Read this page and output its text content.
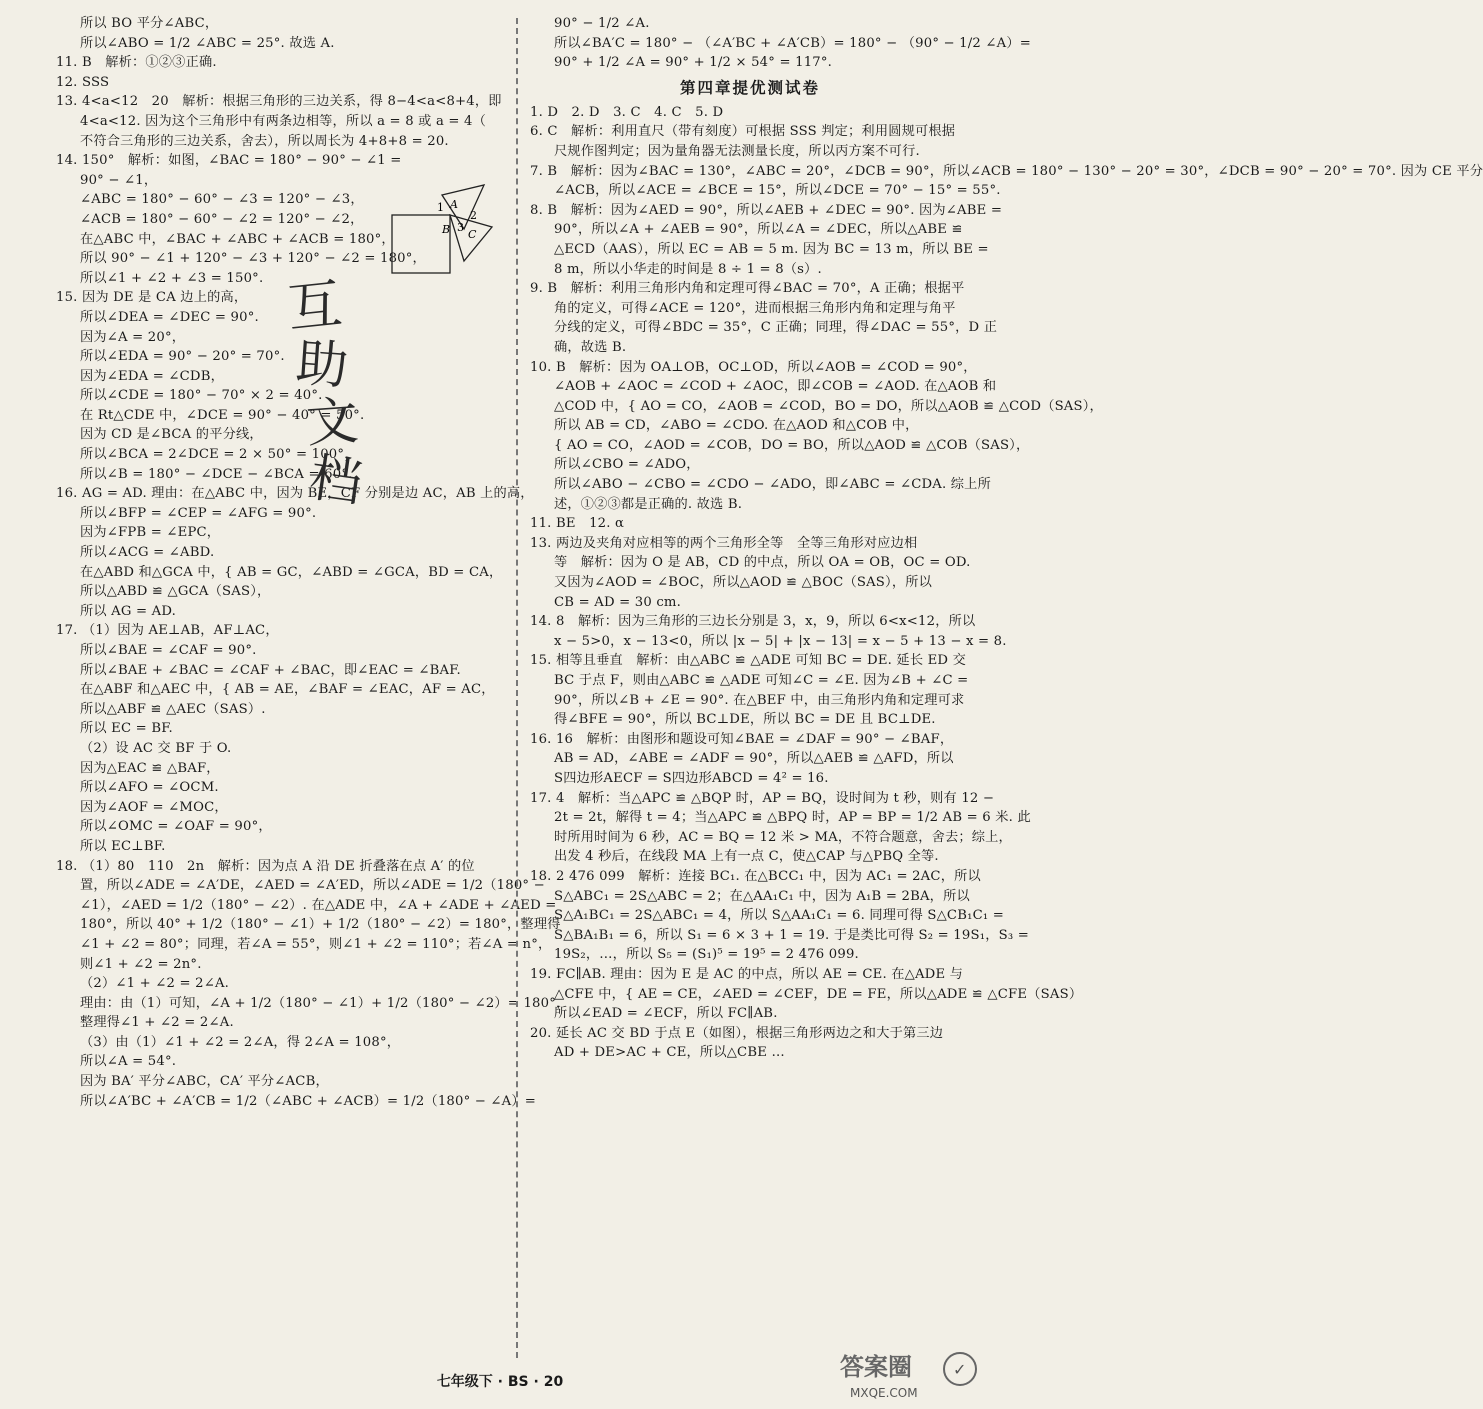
所以 BO 平分∠ABC，
所以∠ABO = 1/2 ∠ABC = 25°. 故选 A.
11. B　解析：①②③正确.
12. SSS
13. 4<a<12　20　解析：根据三角形的三边关系，得 8−4<a<8+4，即
4<a<12. 因为这个三角形中有两条边相等，所以 a = 8 或 a = 4（
不符合三角形的三边关系，舍去），所以周长为 4+8+8 = 20.
14. 150°　解析：如图，∠BAC = 180° − 90° − ∠1 =
90° − ∠1，
∠ABC = 180° − 60° − ∠3 = 120° − ∠3，
∠ACB = 180° − 60° − ∠2 = 120° − ∠2，
在△ABC 中，∠BAC + ∠ABC + ∠ACB = 180°，
所以 90° − ∠1 + 120° − ∠3 + 120° − ∠2 = 180°，
所以∠1 + ∠2 + ∠3 = 150°.
15. 因为 DE 是 CA 边上的高，
所以∠DEA = ∠DEC = 90°.
因为∠A = 20°，
所以∠EDA = 90° − 20° = 70°.
因为∠EDA = ∠CDB，
所以∠CDE = 180° − 70° × 2 = 40°.
在 Rt△CDE 中，∠DCE = 90° − 40° = 50°.
因为 CD 是∠BCA 的平分线，
所以∠BCA = 2∠DCE = 2 × 50° = 100°，
所以∠B = 180° − ∠DCE − ∠BCA = 60°.
16. AG = AD. 理由：在△ABC 中，因为 BE，CF 分别是边 AC，AB 上的高，
所以∠BFP = ∠CEP = ∠AFG = 90°.
因为∠FPB = ∠EPC，
所以∠ACG = ∠ABD.
在△ABD 和△GCA 中，{ AB = GC，∠ABD = ∠GCA，BD = CA，
所以△ABD ≌ △GCA（SAS），
所以 AG = AD.
17. （1）因为 AE⊥AB，AF⊥AC，
所以∠BAE = ∠CAF = 90°.
所以∠BAE + ∠BAC = ∠CAF + ∠BAC，即∠EAC = ∠BAF.
在△ABF 和△AEC 中，{ AB = AE，∠BAF = ∠EAC，AF = AC，
所以△ABF ≌ △AEC（SAS）.
所以 EC = BF.
（2）设 AC 交 BF 于 O.
因为△EAC ≌ △BAF，
所以∠AFO = ∠OCM.
因为∠AOF = ∠MOC，
所以∠OMC = ∠OAF = 90°，
所以 EC⊥BF.
18. （1）80　110　2n　解析：因为点 A 沿 DE 折叠落在点 A′ 的位
置，所以∠ADE = ∠A′DE，∠AED = ∠A′ED，所以∠ADE = 1/2（180° −
∠1），∠AED = 1/2（180° − ∠2）. 在△ADE 中，∠A + ∠ADE + ∠AED =
180°，所以 40° + 1/2（180° − ∠1）+ 1/2（180° − ∠2）= 180°，整理得
∠1 + ∠2 = 80°；同理，若∠A = 55°，则∠1 + ∠2 = 110°；若∠A = n°，
则∠1 + ∠2 = 2n°.
（2）∠1 + ∠2 = 2∠A.
理由：由（1）可知，∠A + 1/2（180° − ∠1）+ 1/2（180° − ∠2）= 180°，
整理得∠1 + ∠2 = 2∠A.
（3）由（1）∠1 + ∠2 = 2∠A，得 2∠A = 108°，
所以∠A = 54°.
因为 BA′ 平分∠ABC，CA′ 平分∠ACB，
所以∠A′BC + ∠A′CB = 1/2（∠ABC + ∠ACB）= 1/2（180° − ∠A）=
90° − 1/2 ∠A.
所以∠BA′C = 180° − （∠A′BC + ∠A′CB）= 180° − （90° − 1/2 ∠A）=
90° + 1/2 ∠A = 90° + 1/2 × 54° = 117°.
第四章提优测试卷
1. D　2. D　3. C　4. C　5. D
6. C　解析：利用直尺（带有刻度）可根据 SSS 判定；利用圆规可根据
尺规作图判定；因为量角器无法测量长度，所以丙方案不可行.
7. B　解析：因为∠BAC = 130°，∠ABC = 20°，∠DCB = 90°，所以∠ACB = 180° − 130° − 20° = 30°，∠DCB = 90° − 20° = 70°. 因为 CE 平分
∠ACB，所以∠ACE = ∠BCE = 15°，所以∠DCE = 70° − 15° = 55°.
8. B　解析：因为∠AED = 90°，所以∠AEB + ∠DEC = 90°. 因为∠ABE =
90°，所以∠A + ∠AEB = 90°，所以∠A = ∠DEC，所以△ABE ≌
△ECD（AAS），所以 EC = AB = 5 m. 因为 BC = 13 m，所以 BE =
8 m，所以小华走的时间是 8 ÷ 1 = 8（s）.
9. B　解析：利用三角形内角和定理可得∠BAC = 70°，A 正确；根据平
角的定义，可得∠ACE = 120°，进而根据三角形内角和定理与角平
分线的定义，可得∠BDC = 35°，C 正确；同理，得∠DAC = 55°，D 正
确，故选 B.
10. B　解析：因为 OA⊥OB，OC⊥OD，所以∠AOB = ∠COD = 90°，
∠AOB + ∠AOC = ∠COD + ∠AOC，即∠COB = ∠AOD. 在△AOB 和
△COD 中，{ AO = CO，∠AOB = ∠COD，BO = DO，所以△AOB ≌ △COD（SAS），
所以 AB = CD，∠ABO = ∠CDO. 在△AOD 和△COB 中，
{ AO = CO，∠AOD = ∠COB，DO = BO，所以△AOD ≌ △COB（SAS），
所以∠CBO = ∠ADO，
所以∠ABO − ∠CBO = ∠CDO − ∠ADO，即∠ABC = ∠CDA. 综上所
述，①②③都是正确的. 故选 B.
11. BE　12. α
13. 两边及夹角对应相等的两个三角形全等　全等三角形对应边相
等　解析：因为 O 是 AB，CD 的中点，所以 OA = OB，OC = OD.
又因为∠AOD = ∠BOC，所以△AOD ≌ △BOC（SAS），所以
CB = AD = 30 cm.
14. 8　解析：因为三角形的三边长分别是 3，x，9，所以 6<x<12，所以
x − 5>0，x − 13<0，所以 |x − 5| + |x − 13| = x − 5 + 13 − x = 8.
15. 相等且垂直　解析：由△ABC ≌ △ADE 可知 BC = DE. 延长 ED 交
BC 于点 F，则由△ABC ≌ △ADE 可知∠C = ∠E. 因为∠B + ∠C =
90°，所以∠B + ∠E = 90°. 在△BEF 中，由三角形内角和定理可求
得∠BFE = 90°，所以 BC⊥DE，所以 BC = DE 且 BC⊥DE.
16. 16　解析：由图形和题设可知∠BAE = ∠DAF = 90° − ∠BAF，
AB = AD，∠ABE = ∠ADF = 90°，所以△AEB ≌ △AFD，所以
S四边形AECF = S四边形ABCD = 4² = 16.
17. 4　解析：当△APC ≌ △BQP 时，AP = BQ，设时间为 t 秒，则有 12 −
2t = 2t，解得 t = 4；当△APC ≌ △BPQ 时，AP = BP = 1/2 AB = 6 米. 此
时所用时间为 6 秒，AC = BQ = 12 米 > MA，不符合题意，舍去；综上，
出发 4 秒后，在线段 MA 上有一点 C，使△CAP 与△PBQ 全等.
18. 2 476 099　解析：连接 BC₁. 在△BCC₁ 中，因为 AC₁ = 2AC，所以
S△ABC₁ = 2S△ABC = 2；在△AA₁C₁ 中，因为 A₁B = 2BA，所以
S△A₁BC₁ = 2S△ABC₁ = 4，所以 S△AA₁C₁ = 6. 同理可得 S△CB₁C₁ =
S△BA₁B₁ = 6，所以 S₁ = 6 × 3 + 1 = 19. 于是类比可得 S₂ = 19S₁，S₃ =
19S₂，…，所以 S₅ = (S₁)⁵ = 19⁵ = 2 476 099.
19. FC∥AB. 理由：因为 E 是 AC 的中点，所以 AE = CE. 在△ADE 与
△CFE 中，{ AE = CE，∠AED = ∠CEF，DE = FE，所以△ADE ≌ △CFE（SAS）
所以∠EAD = ∠ECF，所以 FC∥AB.
20. 延长 AC 交 BD 于点 E（如图），根据三角形两边之和大于第三边
AD + DE>AC + CE，所以△CBE …
1 A
2
3
B C
互
助
文
档
七年级下 · BS · 20
✓
答案圈
MXQE.COM
